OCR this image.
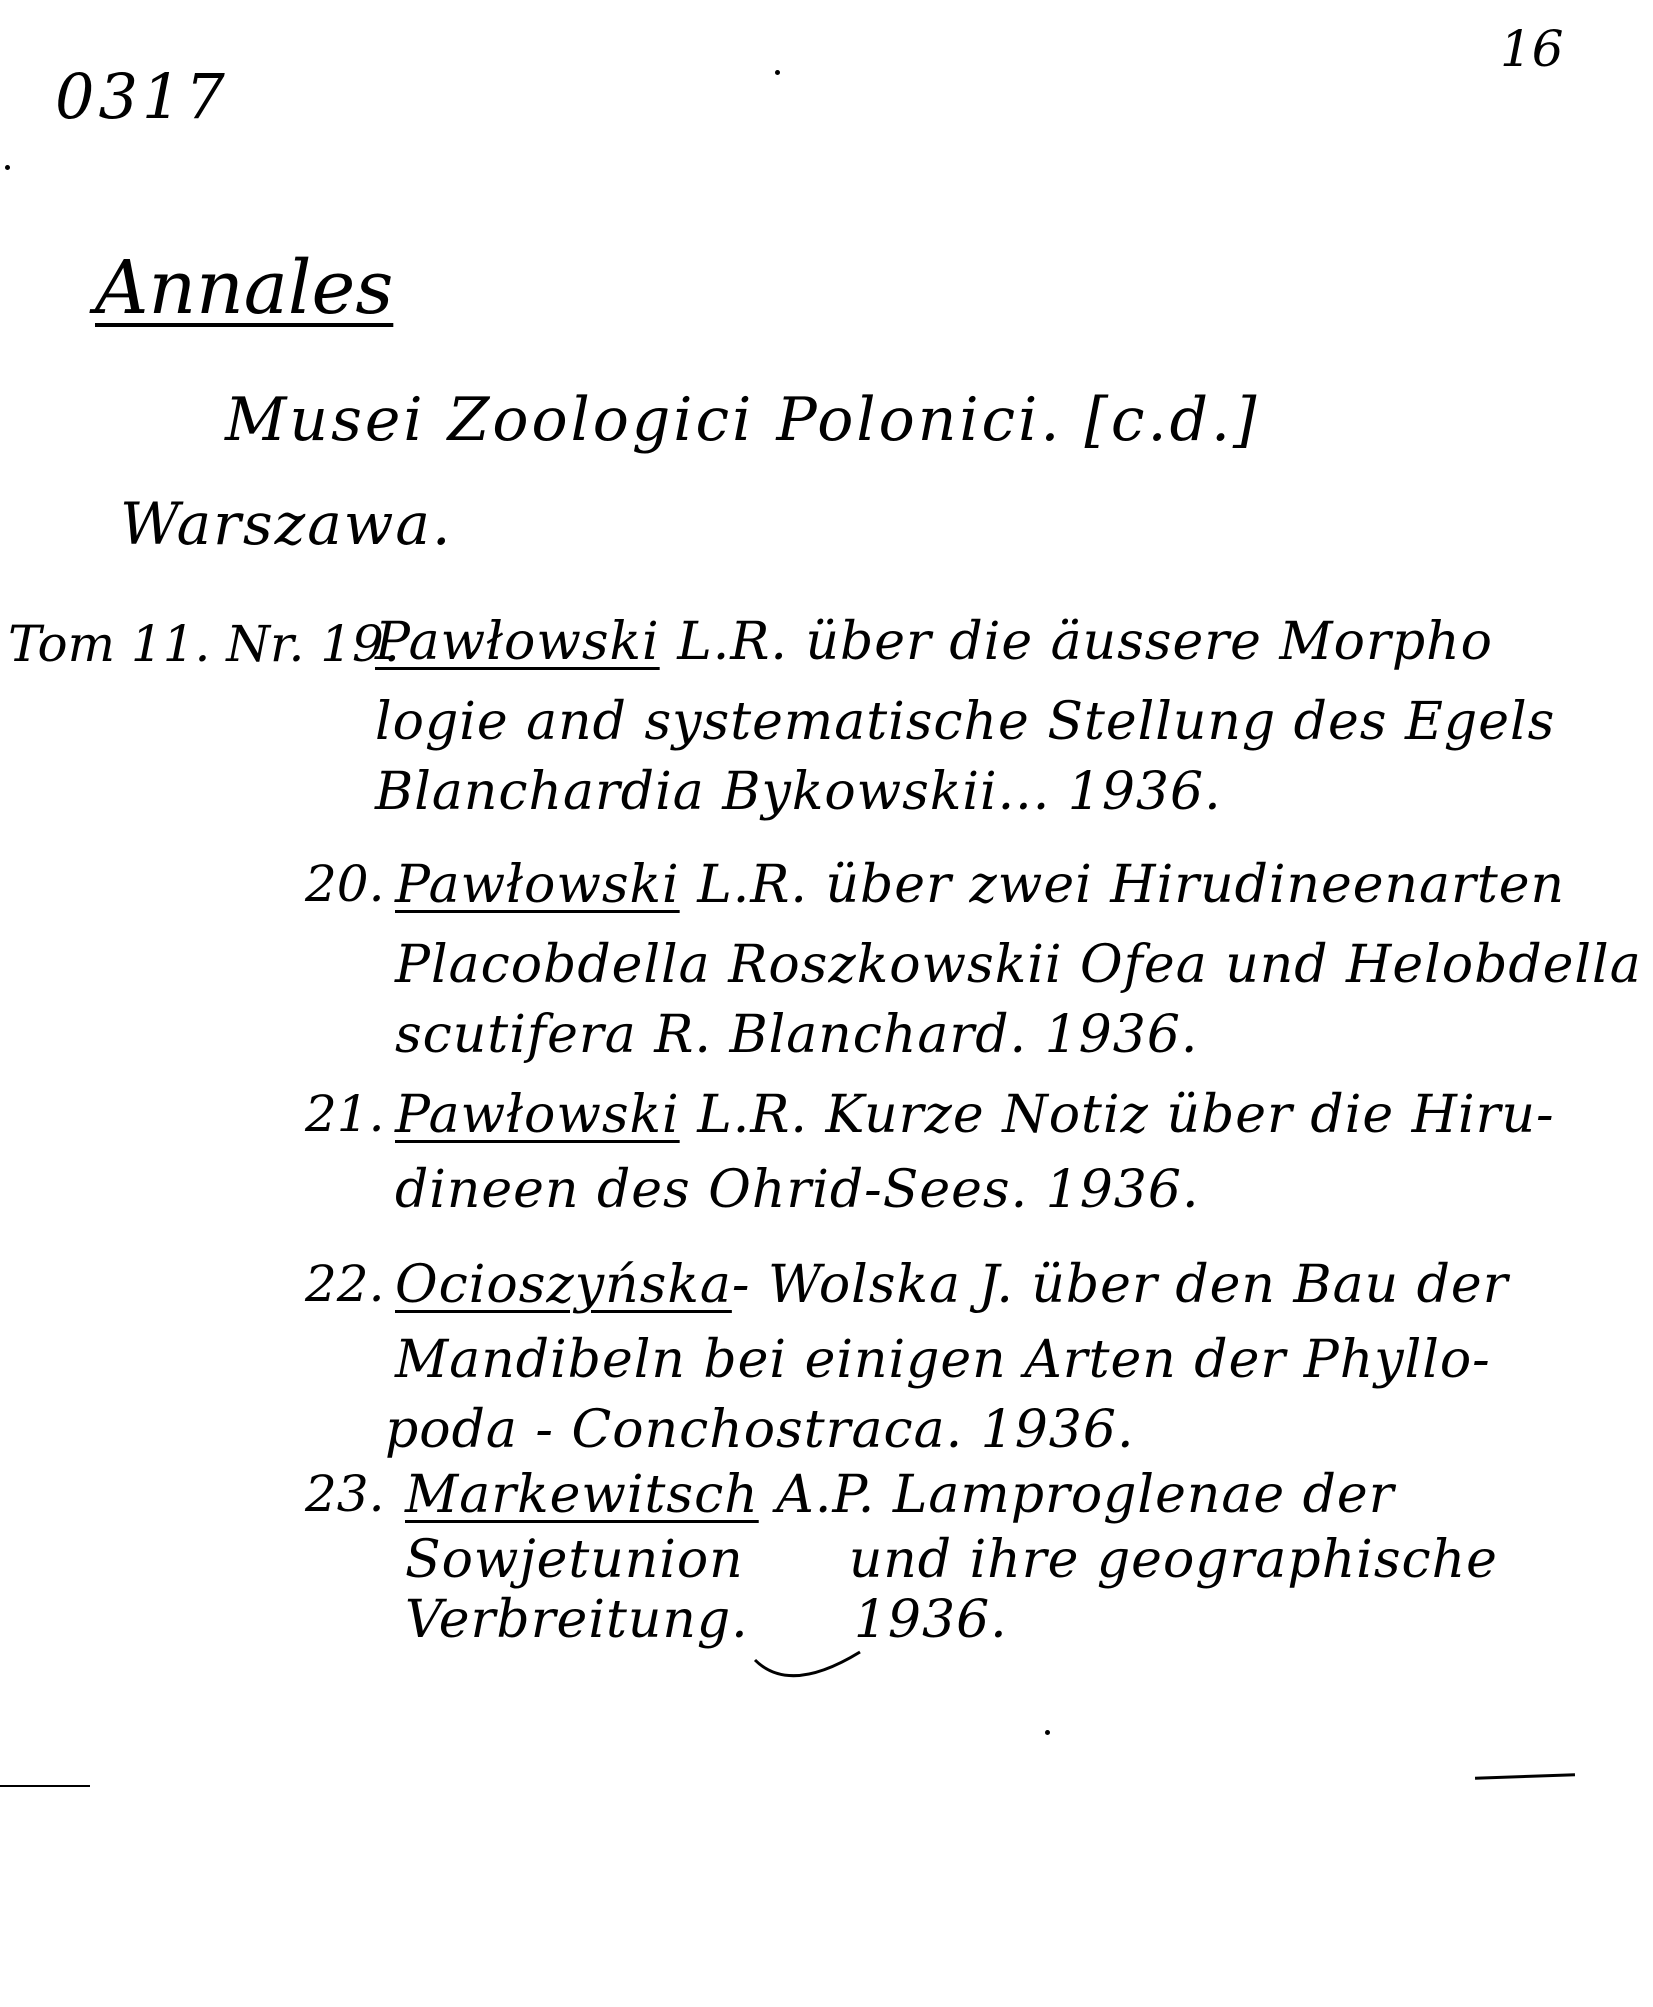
0317
16
Annales
Musei Zoologici Polonici. [c.d.]
Warszawa.
Tom 11. Nr. 19.
Pawłowski L.R. über die äussere Morpho
logie and systematische Stellung des Egels
Blanchardia Bykowskii... 1936.
20. Pawłowski L.R. über zwei Hirudineenarten
Placobdella Roszkowskii Ofea und Helobdella
scutifera R. Blanchard. 1936.
21. Pawłowski L.R. Kurze Notiz über die Hiru-
dineen des Ohrid-Sees. 1936.
22. Ocioszyńska- Wolska J. über den Bau der
Mandibeln bei einigen Arten der Phyllo-
poda - Conchostraca. 1936.
23. Markewitsch A.P. Lamproglenae der
Sowjetunion      und ihre geographische
Verbreitung.      1936.
